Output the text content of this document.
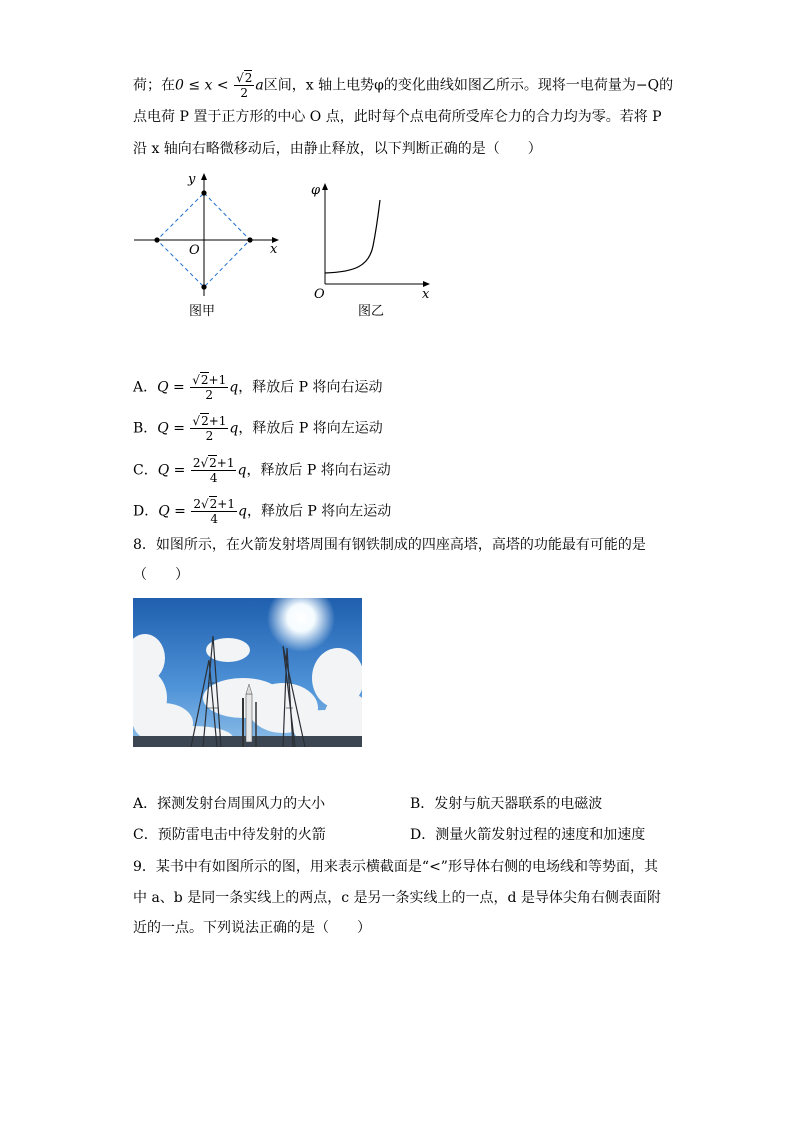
荷；在$0 \le x < \frac{√2}{2}$ a区间，x 轴上电势φ的变化曲线如图乙所示。现将一电荷量为−Q的
点电荷 P 置于正方形的中心 O 点，此时每个点电荷所受库仑力的合力均为零。若将 P
沿 x 轴向右略微移动后，由静止释放，以下判断正确的是（　　）
x
y
O
图甲
φ
O	x
图乙
A．$Q = \frac{√2+1}{2}$ q，释放后 P 将向右运动
B．$Q = \frac{√2+1}{2}$ q，释放后 P 将向左运动
C．$Q = \frac{2√2+1}{4}$ q，释放后 P 将向右运动
D．$Q = \frac{2√2+1}{4}$ q，释放后 P 将向左运动
8．如图所示，在火箭发射塔周围有钢铁制成的四座高塔，高塔的功能最有可能的是
（　　）
A．探测发射台周围风力的大小	B．发射与航天器联系的电磁波
C．预防雷电击中待发射的火箭	D．测量火箭发射过程的速度和加速度
9．某书中有如图所示的图，用来表示横截面是“<”形导体右侧的电场线和等势面，其
中 a、b 是同一条实线上的两点，c 是另一条实线上的一点，d 是导体尖角右侧表面附
近的一点。下列说法正确的是（　　）
